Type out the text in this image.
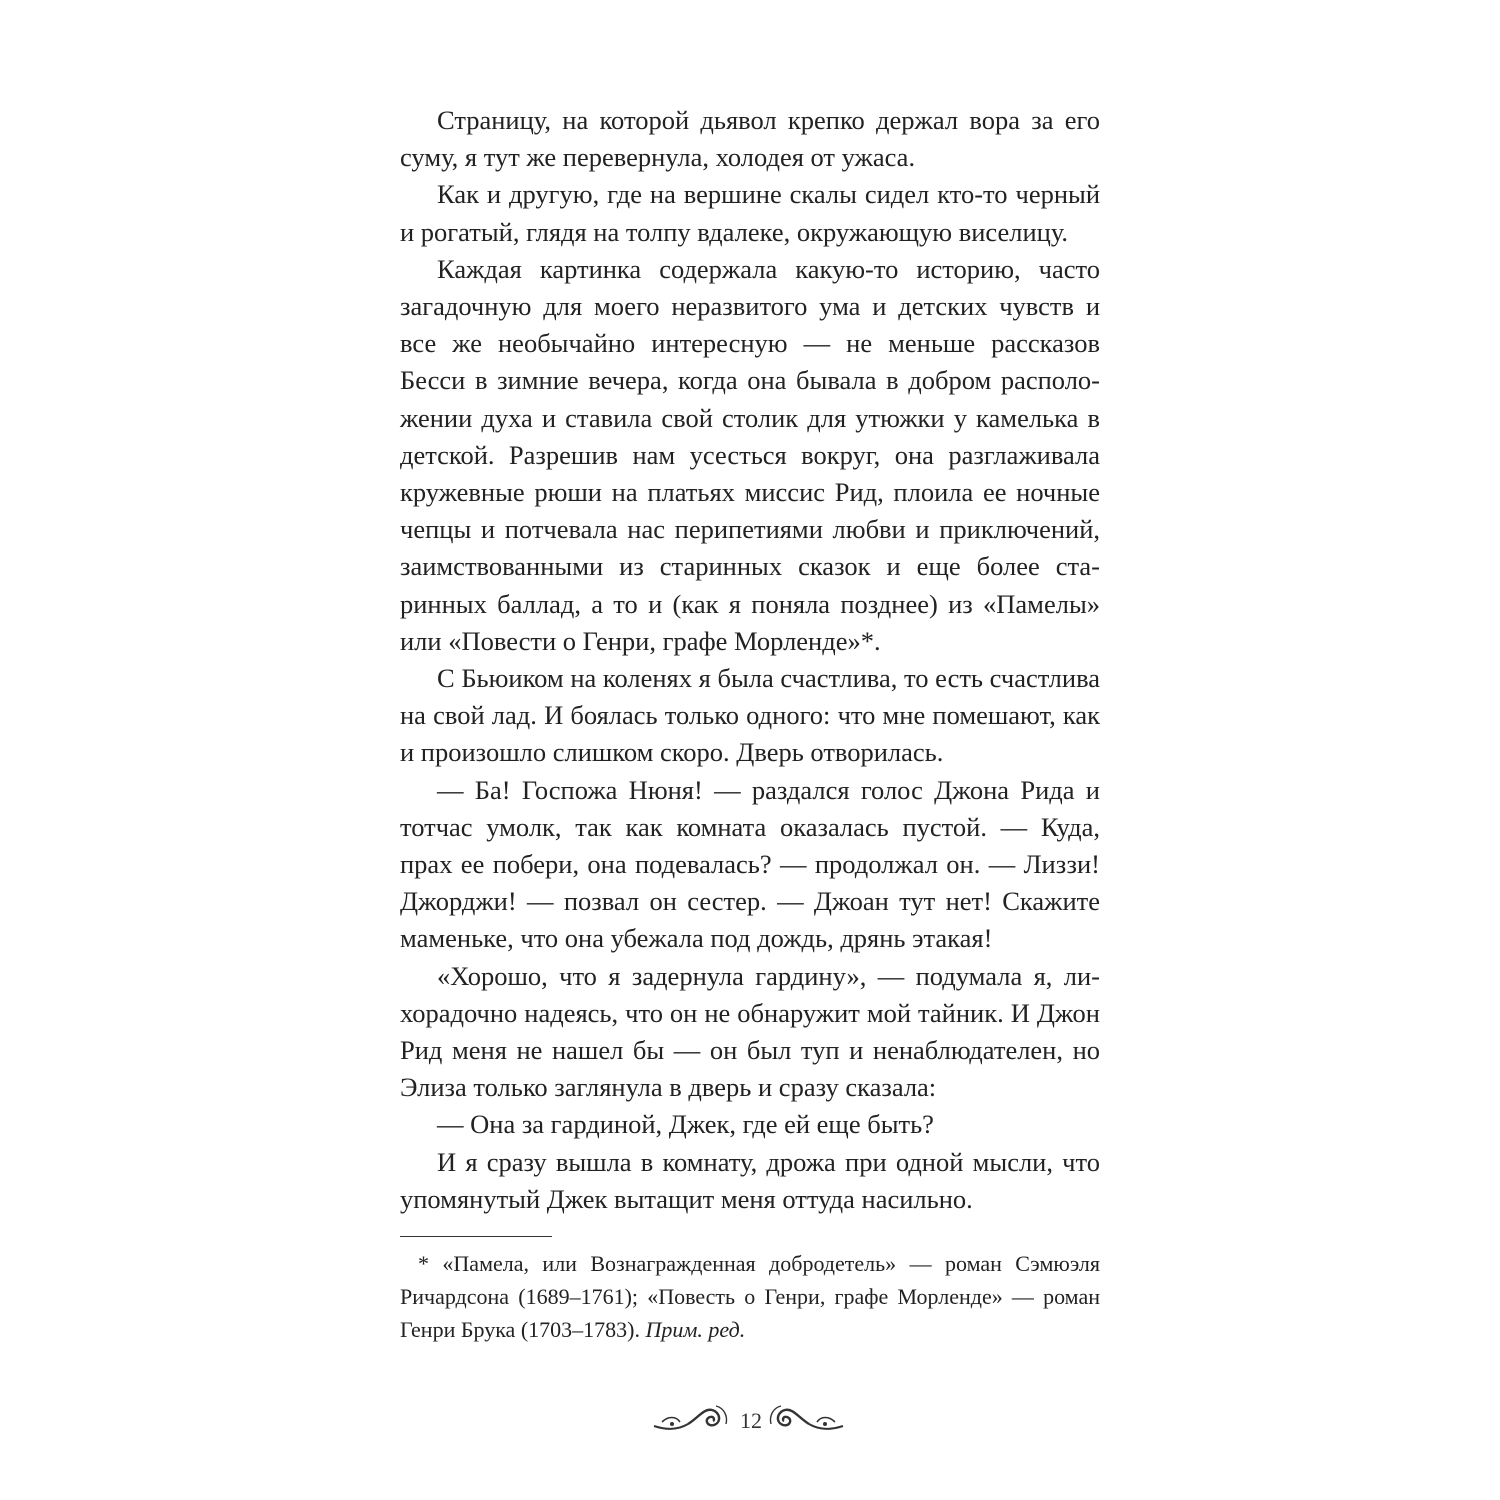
Страницу, на которой дьявол крепко держал вора за его суму, я тут же перевернула, холодея от ужаса.

Как и другую, где на вершине скалы сидел кто-то черный и рогатый, глядя на толпу вдалеке, окружающую виселицу.

Каждая картинка содержала какую-то историю, часто загадочную для моего неразвитого ума и детских чувств и все же необычайно интересную — не меньше рассказов Бесси в зимние вечера, когда она бывала в добром расположении духа и ставила свой столик для утюжки у камелька в детской. Разрешив нам усесться вокруг, она разглаживала кружевные рюши на платьях миссис Рид, плоила ее ночные чепцы и потчевала нас перипетиями любви и приключений, заимствованными из старинных сказок и еще более старинных баллад, а то и (как я поняла позднее) из «Памелы» или «Повести о Генри, графе Морленде»*.

С Бьюиком на коленях я была счастлива, то есть счастлива на свой лад. И боялась только одного: что мне помешают, как и произошло слишком скоро. Дверь отворилась.

— Ба! Госпожа Нюня! — раздался голос Джона Рида и тотчас умолк, так как комната оказалась пустой. — Куда, прах ее побери, она подевалась? — продолжал он. — Лиззи! Джорджи! — позвал он сестер. — Джоан тут нет! Скажите маменьке, что она убежала под дождь, дрянь этакая!

«Хорошо, что я задернула гардину», — подумала я, лихорадочно надеясь, что он не обнаружит мой тайник. И Джон Рид меня не нашел бы — он был туп и ненаблюдателен, но Элиза только заглянула в дверь и сразу сказала:

— Она за гардиной, Джек, где ей еще быть?

И я сразу вышла в комнату, дрожа при одной мысли, что упомянутый Джек вытащит меня оттуда насильно.

* «Памела, или Вознагражденная добродетель» — роман Сэмюэля Ричардсона (1689–1761); «Повесть о Генри, графе Морленде» — роман Генри Брука (1703–1783). Прим. ред.

12
